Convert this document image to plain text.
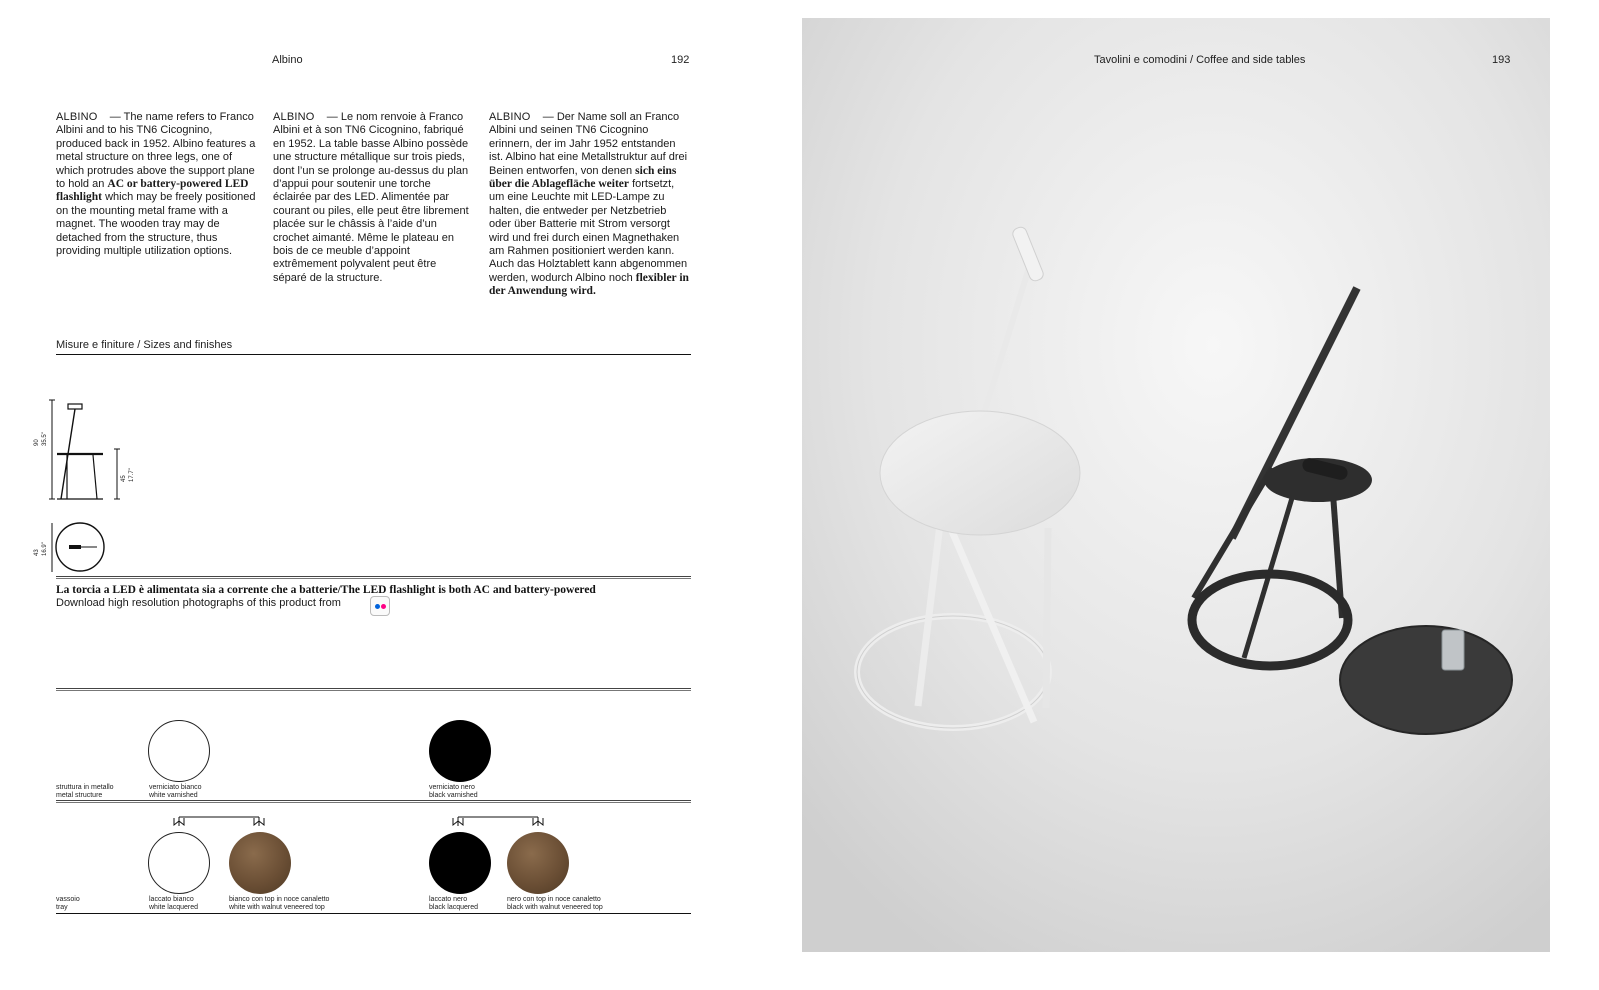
Albino	192
ALBINO — The name refers to Franco Albini and to his TN6 Cicognino, produced back in 1952. Albino features a metal structure on three legs, one of which protrudes above the support plane to hold an AC or battery-powered LED flashlight which may be freely positioned on the mounting metal frame with a magnet. The wooden tray may de detached from the structure, thus providing multiple utilization options.
ALBINO — Le nom renvoie à Franco Albini et à son TN6 Cicognino, fabriqué en 1952. La table basse Albino possède une structure métallique sur trois pieds, dont l’un se prolonge au-dessus du plan d’appui pour soutenir une torche éclairée par des LED. Alimentée par courant ou piles, elle peut être librement placée sur le châssis à l’aide d’un crochet aimanté. Même le plateau en bois de ce meuble d’appoint extrêmement polyvalent peut être séparé de la structure.
ALBINO — Der Name soll an Franco Albini und seinen TN6 Cicognino erinnern, der im Jahr 1952 entstanden ist. Albino hat eine Metallstruktur auf drei Beinen entworfen, von denen sich eins über die Ablagefläche weiter fortsetzt, um eine Leuchte mit LED-Lampe zu halten, die entweder per Netzbetrieb oder über Batterie mit Strom versorgt wird und frei durch einen Magnethaken am Rahmen positioniert werden kann. Auch das Holztablett kann abgenommen werden, wodurch Albino noch flexibler in der Anwendung wird.
Misure e finiture / Sizes and finishes
90
35.5"
45
17.7"
43
16.9"
La torcia a LED è alimentata sia a corrente che a batterie/The LED flashlight is both AC and battery-powered
Download high resolution photographs of this product from
struttura in metallo
metal structure
verniciato bianco
white varnished
verniciato nero
black varnished
vassoio
tray
laccato bianco
white lacquered
bianco con top in noce canaletto
white with walnut veneered top
laccato nero
black lacquered
nero con top in noce canaletto
black with walnut veneered top
Tavolini e comodini / Coffee and side tables	193
